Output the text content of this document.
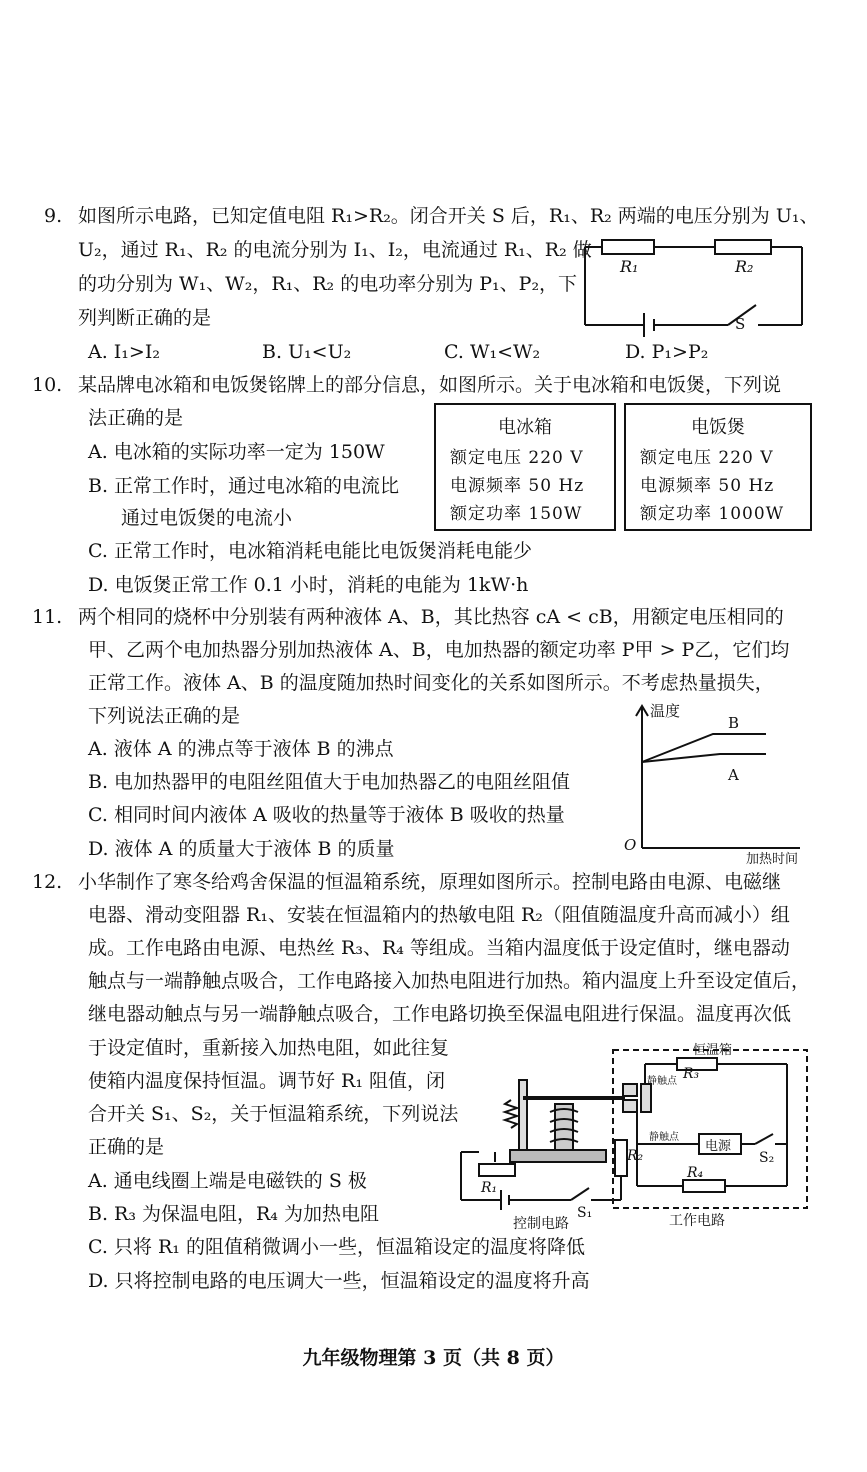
9. 如图所示电路，已知定值电阻 R₁>R₂。闭合开关 S 后，R₁、R₂ 两端的电压分别为 U₁、
U₂，通过 R₁、R₂ 的电流分别为 I₁、I₂，电流通过 R₁、R₂ 做
的功分别为 W₁、W₂，R₁、R₂ 的电功率分别为 P₁、P₂，下
列判断正确的是
A. I₁>I₂	B. U₁<U₂	C. W₁<W₂	D. P₁>P₂
R₁	R₂
S
10. 某品牌电冰箱和电饭煲铭牌上的部分信息，如图所示。关于电冰箱和电饭煲，下列说
法正确的是
A. 电冰箱的实际功率一定为 150W
B. 正常工作时，通过电冰箱的电流比
通过电饭煲的电流小
C. 正常工作时，电冰箱消耗电能比电饭煲消耗电能少
D. 电饭煲正常工作 0.1 小时，消耗的电能为 1kW·h
电冰箱
额定电压 220 V
电源频率 50 Hz
额定功率 150W
电饭煲
额定电压 220 V
电源频率 50 Hz
额定功率 1000W
11. 两个相同的烧杯中分别装有两种液体 A、B，其比热容 cA < cB，用额定电压相同的
甲、乙两个电加热器分别加热液体 A、B，电加热器的额定功率 P甲 > P乙，它们均
正常工作。液体 A、B 的温度随加热时间变化的关系如图所示。不考虑热量损失，
下列说法正确的是
A. 液体 A 的沸点等于液体 B 的沸点
B. 电加热器甲的电阻丝阻值大于电加热器乙的电阻丝阻值
C. 相同时间内液体 A 吸收的热量等于液体 B 吸收的热量
D. 液体 A 的质量大于液体 B 的质量
温度
B
A
O
加热时间
12. 小华制作了寒冬给鸡舍保温的恒温箱系统，原理如图所示。控制电路由电源、电磁继
电器、滑动变阻器 R₁、安装在恒温箱内的热敏电阻 R₂（阻值随温度升高而减小）组
成。工作电路由电源、电热丝 R₃、R₄ 等组成。当箱内温度低于设定值时，继电器动
触点与一端静触点吸合，工作电路接入加热电阻进行加热。箱内温度上升至设定值后，
继电器动触点与另一端静触点吸合，工作电路切换至保温电阻进行保温。温度再次低
于设定值时，重新接入加热电阻，如此往复
使箱内温度保持恒温。调节好 R₁ 阻值，闭
合开关 S₁、S₂，关于恒温箱系统，下列说法
正确的是
A. 通电线圈上端是电磁铁的 S 极
B. R₃ 为保温电阻，R₄ 为加热电阻
C. 只将 R₁ 的阻值稍微调小一些，恒温箱设定的温度将降低
D. 只将控制电路的电压调大一些，恒温箱设定的温度将升高
恒温箱
静触点
静触点
电源
R₁
R₂
R₃
R₄
S₁
S₂
控制电路	工作电路
九年级物理第 3 页（共 8 页）
